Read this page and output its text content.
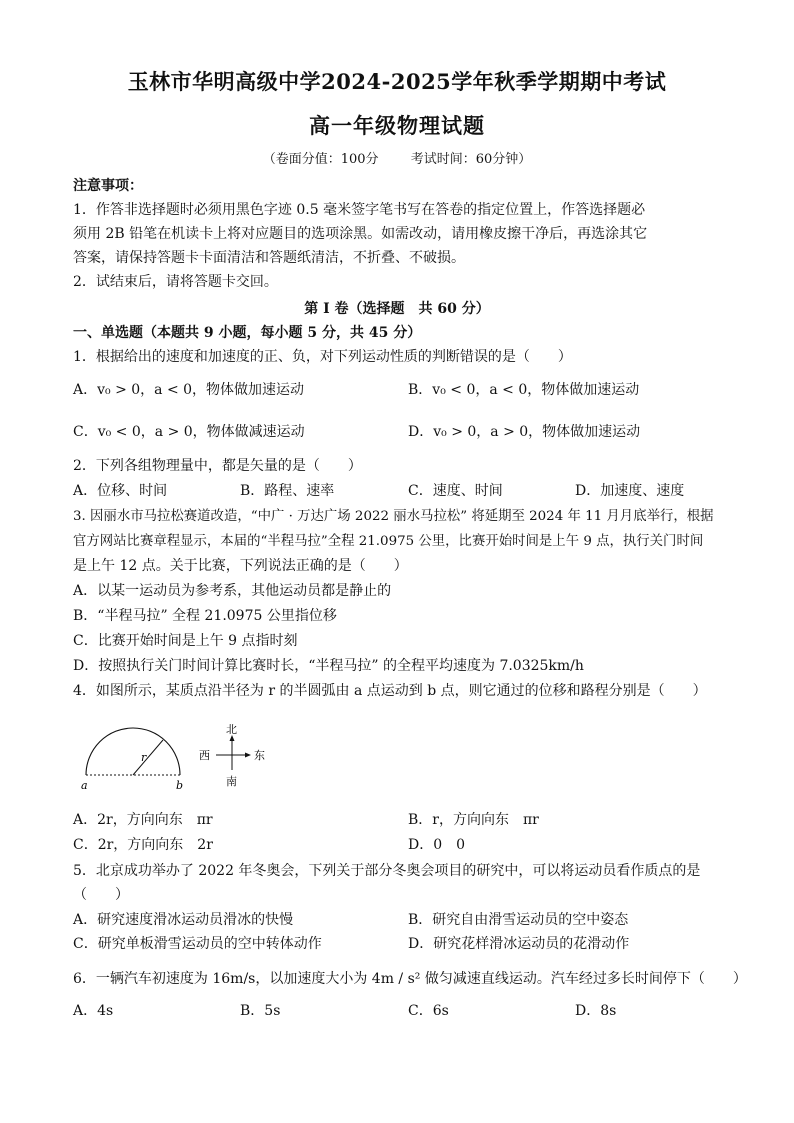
玉林市华明高级中学2024-2025学年秋季学期期中考试
高一年级物理试题
（卷面分值：100分 考试时间：60分钟）
注意事项：
1．作答非选择题时必须用黑色字迹 0.5 毫米签字笔书写在答卷的指定位置上，作答选择题必
须用 2B 铅笔在机读卡上将对应题目的选项涂黑。如需改动，请用橡皮擦干净后，再选涂其它
答案，请保持答题卡卡面清洁和答题纸清洁，不折叠、不破损。
2．试结束后，请将答题卡交回。
第 I 卷（选择题　共 60 分）
一、单选题（本题共 9 小题，每小题 5 分，共 45 分）
1．根据给出的速度和加速度的正、负，对下列运动性质的判断错误的是（　　）
A．v₀ > 0，a < 0，物体做加速运动	B．v₀ < 0，a < 0，物体做加速运动
C．v₀ < 0，a > 0，物体做减速运动	D．v₀ > 0，a > 0，物体做加速运动
2．下列各组物理量中，都是矢量的是（　　）
A．位移、时间	B．路程、速率	C．速度、时间	D．加速度、速度
3. 因丽水市马拉松赛道改造，“中广 · 万达广场 2022 丽水马拉松” 将延期至 2024 年 11 月月底举行，根据
官方网站比赛章程显示，本届的“半程马拉”全程 21.0975 公里，比赛开始时间是上午 9 点，执行关门时间
是上午 12 点。关于比赛，下列说法正确的是（　　）
A．以某一运动员为参考系，其他运动员都是静止的
B．“半程马拉” 全程 21.0975 公里指位移
C．比赛开始时间是上午 9 点指时刻
D．按照执行关门时间计算比赛时长，“半程马拉” 的全程平均速度为 7.0325km/h
4．如图所示，某质点沿半径为 r 的半圆弧由 a 点运动到 b 点，则它通过的位移和路程分别是（　　）
a	b
r
北
南
东
西
A．2r，方向向东　πr	B．r，方向向东　πr
C．2r，方向向东　2r	D．0　0
5．北京成功举办了 2022 年冬奥会，下列关于部分冬奥会项目的研究中，可以将运动员看作质点的是
（　　）
A．研究速度滑冰运动员滑冰的快慢	B．研究自由滑雪运动员的空中姿态
C．研究单板滑雪运动员的空中转体动作	D．研究花样滑冰运动员的花滑动作
6．一辆汽车初速度为 16m/s，以加速度大小为 4m / s² 做匀减速直线运动。汽车经过多长时间停下（　　）
A．4s	B．5s	C．6s	D．8s
